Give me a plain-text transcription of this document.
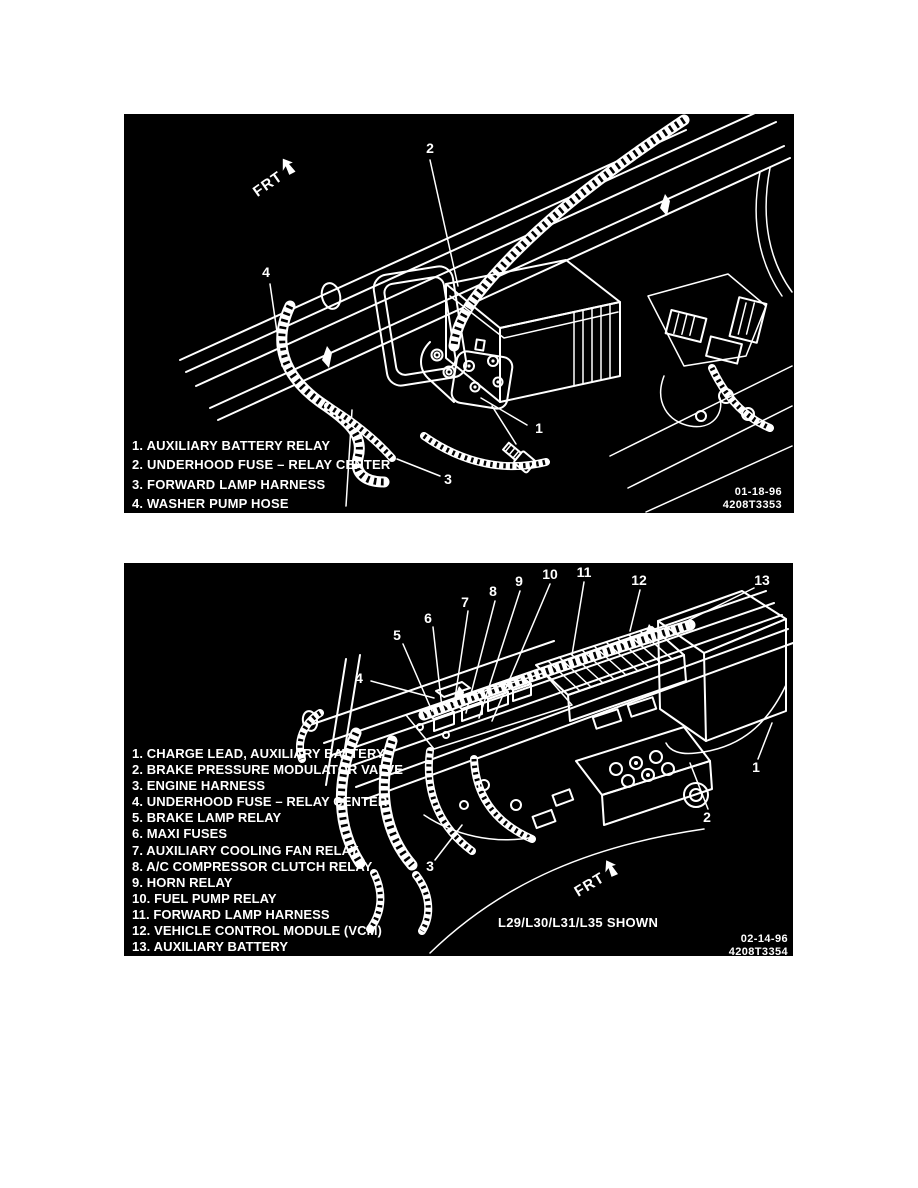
FRT
2
4
1
3
1. AUXILIARY BATTERY RELAY
2. UNDERHOOD FUSE – RELAY CENTER
3. FORWARD LAMP HARNESS
4. WASHER PUMP HOSE
01-18-96
4208T3353
FRT
5
6
7
8
9 10 11	12	13
4
3
1
2
1. CHARGE LEAD, AUXILIARY BATTERY
2. BRAKE PRESSURE MODULATOR VALVE
3. ENGINE HARNESS
4. UNDERHOOD FUSE – RELAY CENTER
5. BRAKE LAMP RELAY
6. MAXI FUSES
7. AUXILIARY COOLING FAN RELAY
8. A/C COMPRESSOR CLUTCH RELAY
9. HORN RELAY
10. FUEL PUMP RELAY
11. FORWARD LAMP HARNESS
12. VEHICLE CONTROL MODULE (VCM)
13. AUXILIARY BATTERY
L29/L30/L31/L35 SHOWN
02-14-96
4208T3354
